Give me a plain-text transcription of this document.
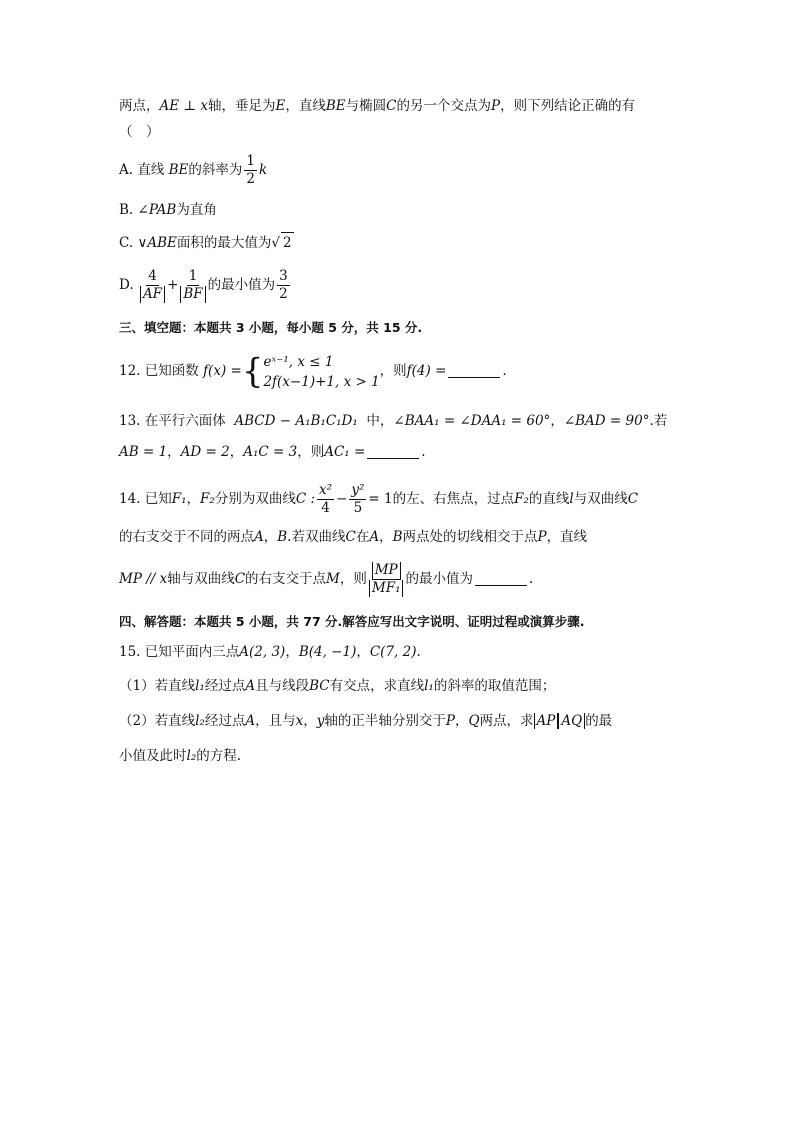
两点，AE ⊥ x轴，垂足为E，直线BE与椭圆C的另一个交点为P，则下列结论正确的有
（　）
A. 直线 BE的斜率为 $\frac{1}{2}$ k
B. ∠PAB为直角
C. ∨ABE面积的最大值为√ 2
D. $\frac{4}{AF} + \frac{1}{BF}$ 的最小值为 $\frac{3}{2}$
三、填空题：本题共 3 小题，每小题 5 分，共 15 分.
12. 已知函数 f(x) ={ eˣ⁻¹, x ≤ 1
2f(x−1)+1, x > 1
，则f(4) =	.
13. 在平行六面体 ABCD − A₁B₁C₁D₁ 中，∠BAA₁ = ∠DAA₁ = 60°，∠BAD = 90°.若
AB = 1，AD = 2，A₁C = 3，则AC₁ =	.
14. 已知F₁，F₂分别为双曲线C : $\frac{\text{x²}}{4} - \frac{\text{y²}}{5} = 1$的左、右焦点，过点F₂的直线l与双曲线C
的右支交于不同的两点A，B.若双曲线C在A，B两点处的切线相交于点P，直线
MP // x轴与双曲线C的右支交于点M，则 $\frac{MP}{\text{MF₁}}$ 的最小值为	.
四、解答题：本题共 5 小题，共 77 分.解答应写出文字说明、证明过程或演算步骤.
15. 已知平面内三点A(2, 3)，B(4, −1)，C(7, 2).
（1）若直线l₁经过点A且与线段BC有交点，求直线l₁的斜率的取值范围；
（2）若直线l₂经过点A，且与x，y轴的正半轴分别交于P，Q两点，求 AP AQ 的最
小值及此时l₂的方程.
